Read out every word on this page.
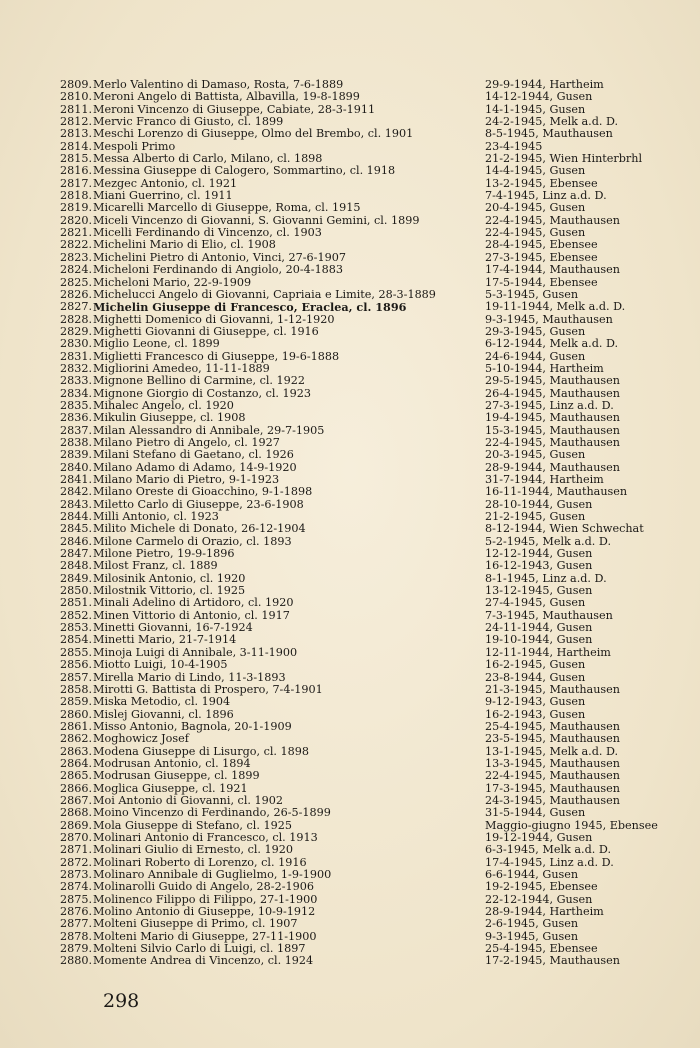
2809. Merlo Valentino di Damaso, Rosta, 7-6-1889	29-9-1944, Hartheim
2810. Meroni Angelo di Battista, Albavilla, 19-8-1899	14-12-1944, Gusen
2811. Meroni Vincenzo di Giuseppe, Cabiate, 28-3-1911	14-1-1945, Gusen
2812. Mervic Franco di Giusto, cl. 1899	24-2-1945, Melk a.d. D.
2813. Meschi Lorenzo di Giuseppe, Olmo del Brembo, cl. 1901	8-5-1945, Mauthausen
2814. Mespoli Primo	23-4-1945
2815. Messa Alberto di Carlo, Milano, cl. 1898	21-2-1945, Wien Hinterbrhl
2816. Messina Giuseppe di Calogero, Sommartino, cl. 1918	14-4-1945, Gusen
2817. Mezgec Antonio, cl. 1921	13-2-1945, Ebensee
2818. Miani Guerrino, cl. 1911	7-4-1945, Linz a.d. D.
2819. Micarelli Marcello di Giuseppe, Roma, cl. 1915	20-4-1945, Gusen
2820. Miceli Vincenzo di Giovanni, S. Giovanni Gemini, cl. 1899	22-4-1945, Mauthausen
2821. Micelli Ferdinando di Vincenzo, cl. 1903	22-4-1945, Gusen
2822. Michelini Mario di Elio, cl. 1908	28-4-1945, Ebensee
2823. Michelini Pietro di Antonio, Vinci, 27-6-1907	27-3-1945, Ebensee
2824. Micheloni Ferdinando di Angiolo, 20-4-1883	17-4-1944, Mauthausen
2825. Micheloni Mario, 22-9-1909	17-5-1944, Ebensee
2826. Michelucci Angelo di Giovanni, Capriaia e Limite, 28-3-1889	5-3-1945, Gusen
2827. Michelin Giuseppe di Francesco, Eraclea, cl. 1896	19-11-1944, Melk a.d. D.
2828. Mighetti Domenico di Giovanni, 1-12-1920	9-3-1945, Mauthausen
2829. Mighetti Giovanni di Giuseppe, cl. 1916	29-3-1945, Gusen
2830. Miglio Leone, cl. 1899	6-12-1944, Melk a.d. D.
2831. Miglietti Francesco di Giuseppe, 19-6-1888	24-6-1944, Gusen
2832. Migliorini Amedeo, 11-11-1889	5-10-1944, Hartheim
2833. Mignone Bellino di Carmine, cl. 1922	29-5-1945, Mauthausen
2834. Mignone Giorgio di Costanzo, cl. 1923	26-4-1945, Mauthausen
2835. Mihalec Angelo, cl. 1920	27-3-1945, Linz a.d. D.
2836. Mikulin Giuseppe, cl. 1908	19-4-1945, Mauthausen
2837. Milan Alessandro di Annibale, 29-7-1905	15-3-1945, Mauthausen
2838. Milano Pietro di Angelo, cl. 1927	22-4-1945, Mauthausen
2839. Milani Stefano di Gaetano, cl. 1926	20-3-1945, Gusen
2840. Milano Adamo di Adamo, 14-9-1920	28-9-1944, Mauthausen
2841. Milano Mario di Pietro, 9-1-1923	31-7-1944, Hartheim
2842. Milano Oreste di Gioacchino, 9-1-1898	16-11-1944, Mauthausen
2843. Miletto Carlo di Giuseppe, 23-6-1908	28-10-1944, Gusen
2844. Milli Antonio, cl. 1923	21-2-1945, Gusen
2845. Milito Michele di Donato, 26-12-1904	8-12-1944, Wien Schwechat
2846. Milone Carmelo di Orazio, cl. 1893	5-2-1945, Melk a.d. D.
2847. Milone Pietro, 19-9-1896	12-12-1944, Gusen
2848. Milost Franz, cl. 1889	16-12-1943, Gusen
2849. Milosinik Antonio, cl. 1920	8-1-1945, Linz a.d. D.
2850. Milostnik Vittorio, cl. 1925	13-12-1945, Gusen
2851. Minali Adelino di Artidoro, cl. 1920	27-4-1945, Gusen
2852. Minen Vittorio di Antonio, cl. 1917	7-3-1945, Mauthausen
2853. Minetti Giovanni, 16-7-1924	24-11-1944, Gusen
2854. Minetti Mario, 21-7-1914	19-10-1944, Gusen
2855. Minoja Luigi di Annibale, 3-11-1900	12-11-1944, Hartheim
2856. Miotto Luigi, 10-4-1905	16-2-1945, Gusen
2857. Mirella Mario di Lindo, 11-3-1893	23-8-1944, Gusen
2858. Mirotti G. Battista di Prospero, 7-4-1901	21-3-1945, Mauthausen
2859. Miska Metodio, cl. 1904	9-12-1943, Gusen
2860. Mislej Giovanni, cl. 1896	16-2-1943, Gusen
2861. Misso Antonio, Bagnola, 20-1-1909	25-4-1945, Mauthausen
2862. Moghowicz Josef	23-5-1945, Mauthausen
2863. Modena Giuseppe di Lisurgo, cl. 1898	13-1-1945, Melk a.d. D.
2864. Modrusan Antonio, cl. 1894	13-3-1945, Mauthausen
2865. Modrusan Giuseppe, cl. 1899	22-4-1945, Mauthausen
2866. Moglica Giuseppe, cl. 1921	17-3-1945, Mauthausen
2867. Moi Antonio di Giovanni, cl. 1902	24-3-1945, Mauthausen
2868. Moino Vincenzo di Ferdinando, 26-5-1899	31-5-1944, Gusen
2869. Mola Giuseppe di Stefano, cl. 1925	Maggio-giugno 1945, Ebensee
2870. Molinari Antonio di Francesco, cl. 1913	19-12-1944, Gusen
2871. Molinari Giulio di Ernesto, cl. 1920	6-3-1945, Melk a.d. D.
2872. Molinari Roberto di Lorenzo, cl. 1916	17-4-1945, Linz a.d. D.
2873. Molinaro Annibale di Guglielmo, 1-9-1900	6-6-1944, Gusen
2874. Molinarolli Guido di Angelo, 28-2-1906	19-2-1945, Ebensee
2875. Molinenco Filippo di Filippo, 27-1-1900	22-12-1944, Gusen
2876. Molino Antonio di Giuseppe, 10-9-1912	28-9-1944, Hartheim
2877. Molteni Giuseppe di Primo, cl. 1907	2-6-1945, Gusen
2878. Molteni Mario di Giuseppe, 27-11-1900	9-3-1945, Gusen
2879. Molteni Silvio Carlo di Luigi, cl. 1897	25-4-1945, Ebensee
2880. Momente Andrea di Vincenzo, cl. 1924	17-2-1945, Mauthausen
298
